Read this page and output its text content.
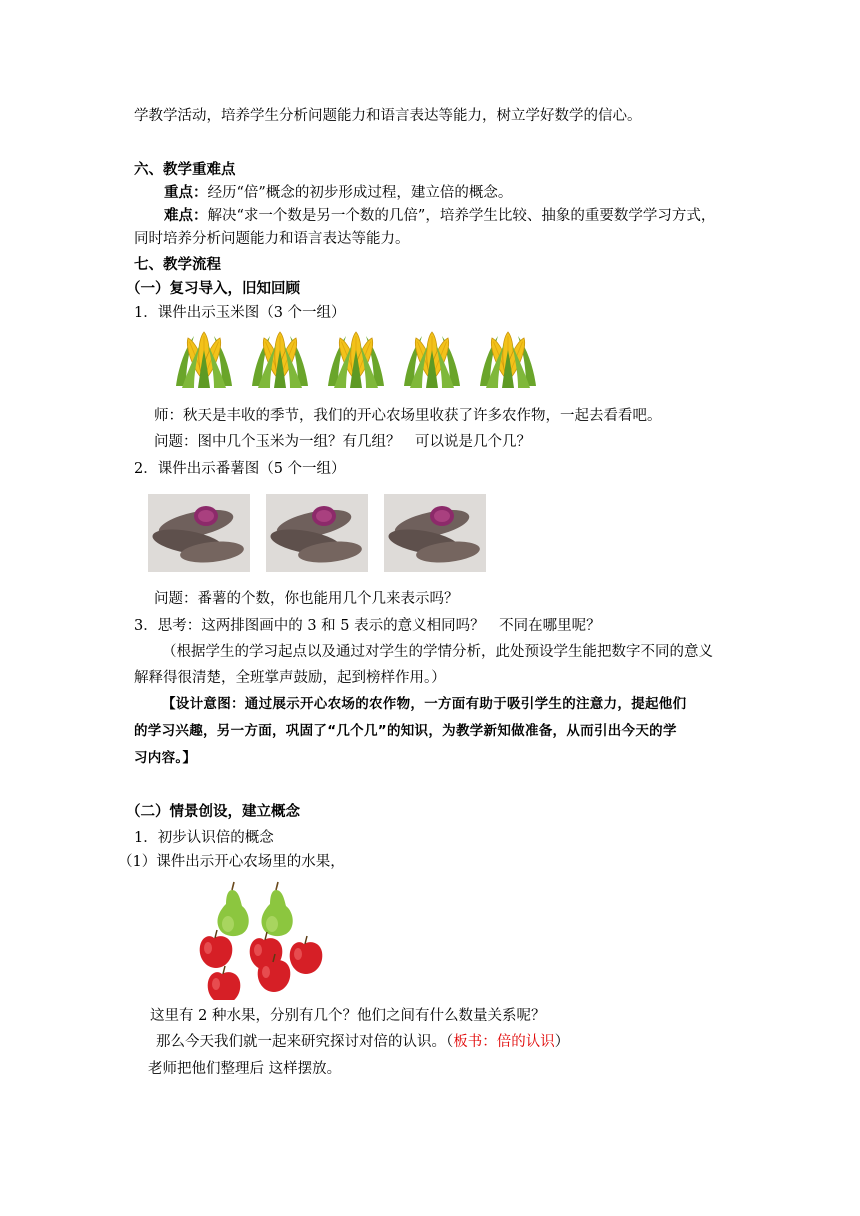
学教学活动，培养学生分析问题能力和语言表达等能力，树立学好数学的信心。
六、教学重难点
重点：经历“倍”概念的初步形成过程，建立倍的概念。
难点：解决“求一个数是另一个数的几倍”，培养学生比较、抽象的重要数学学习方式，
同时培养分析问题能力和语言表达等能力。
七、教学流程
（一）复习导入，旧知回顾
1．课件出示玉米图（3 个一组）
师：秋天是丰收的季节，我们的开心农场里收获了许多农作物，一起去看看吧。
问题：图中几个玉米为一组？有几组？　可以说是几个几？
2．课件出示番薯图（5 个一组）
问题：番薯的个数，你也能用几个几来表示吗？
3．思考：这两排图画中的 3 和 5 表示的意义相同吗？　不同在哪里呢？
（根据学生的学习起点以及通过对学生的学情分析，此处预设学生能把数字不同的意义
解释得很清楚，全班掌声鼓励，起到榜样作用。）
【设计意图：通过展示开心农场的农作物，一方面有助于吸引学生的注意力，提起他们
的学习兴趣，另一方面，巩固了“几个几”的知识，为教学新知做准备，从而引出今天的学
习内容。】
（二）情景创设，建立概念
1．初步认识倍的概念
（1）课件出示开心农场里的水果，
这里有 2 种水果，分别有几个？他们之间有什么数量关系呢？
那么今天我们就一起来研究探讨对倍的认识。（板书：倍的认识）
老师把他们整理后 这样摆放。
